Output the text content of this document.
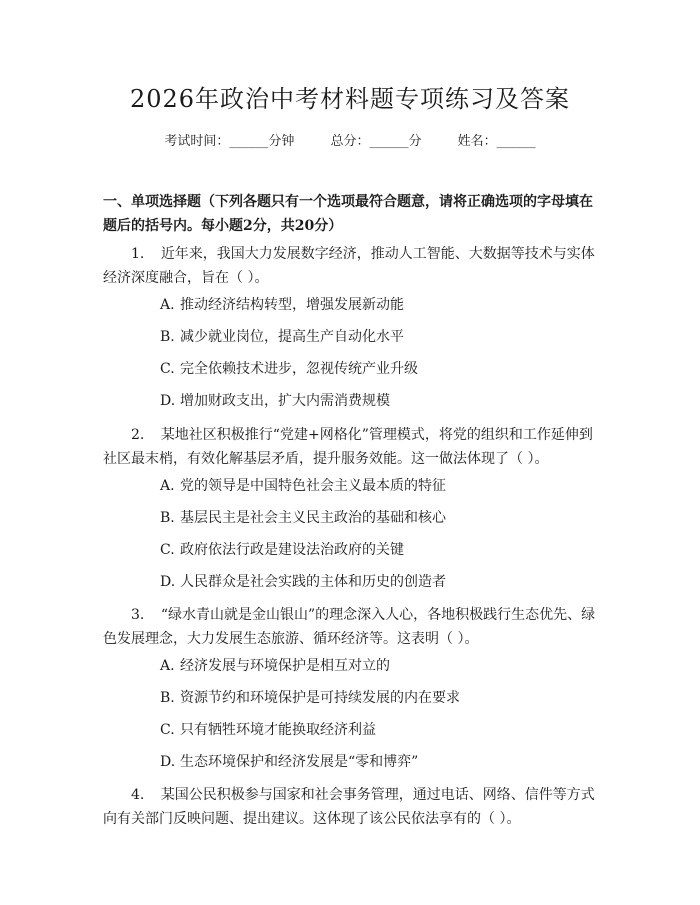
2026年政治中考材料题专项练习及答案
考试时间：______分钟	总分：______分	姓名：______

一、单项选择题（下列各题只有一个选项最符合题意，请将正确选项的字母填在题后的括号内。每小题2分，共20分）

1. 近年来，我国大力发展数字经济，推动人工智能、大数据等技术与实体经济深度融合，旨在（ ）。

A. 推动经济结构转型，增强发展新动能

B. 减少就业岗位，提高生产自动化水平

C. 完全依赖技术进步，忽视传统产业升级

D. 增加财政支出，扩大内需消费规模

2. 某地社区积极推行“党建+网格化”管理模式，将党的组织和工作延伸到社区最末梢，有效化解基层矛盾，提升服务效能。这一做法体现了（ ）。

A. 党的领导是中国特色社会主义最本质的特征

B. 基层民主是社会主义民主政治的基础和核心

C. 政府依法行政是建设法治政府的关键

D. 人民群众是社会实践的主体和历史的创造者

3. “绿水青山就是金山银山”的理念深入人心，各地积极践行生态优先、绿色发展理念，大力发展生态旅游、循环经济等。这表明（ ）。

A. 经济发展与环境保护是相互对立的

B. 资源节约和环境保护是可持续发展的内在要求

C. 只有牺牲环境才能换取经济利益

D. 生态环境保护和经济发展是“零和博弈”

4. 某国公民积极参与国家和社会事务管理，通过电话、网络、信件等方式向有关部门反映问题、提出建议。这体现了该公民依法享有的（ ）。
